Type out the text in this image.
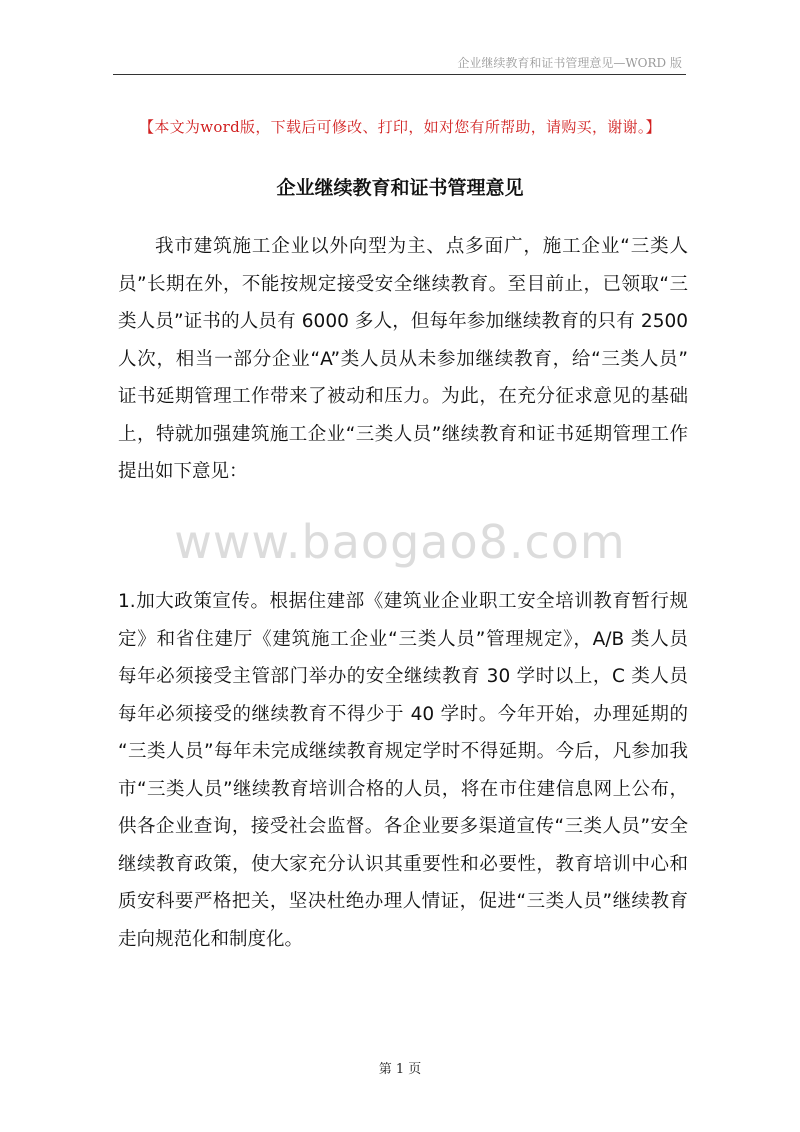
企业继续教育和证书管理意见—WORD 版
【本文为word版，下载后可修改、打印，如对您有所帮助，请购买，谢谢。】
企业继续教育和证书管理意见
我市建筑施工企业以外向型为主、点多面广，施工企业“三类人
员”长期在外，不能按规定接受安全继续教育。至目前止，已领取“三
类人员”证书的人员有 6000 多人，但每年参加继续教育的只有 2500
人次，相当一部分企业“A”类人员从未参加继续教育，给“三类人员”
证书延期管理工作带来了被动和压力。为此，在充分征求意见的基础
上，特就加强建筑施工企业“三类人员”继续教育和证书延期管理工作
提出如下意见：
www.baogao8.com
1.加大政策宣传。根据住建部《建筑业企业职工安全培训教育暂行规
定》和省住建厅《建筑施工企业“三类人员”管理规定》，A/B 类人员
每年必须接受主管部门举办的安全继续教育 30 学时以上，C 类人员
每年必须接受的继续教育不得少于 40 学时。今年开始，办理延期的
“三类人员”每年未完成继续教育规定学时不得延期。今后，凡参加我
市“三类人员”继续教育培训合格的人员，将在市住建信息网上公布，
供各企业查询，接受社会监督。各企业要多渠道宣传“三类人员”安全
继续教育政策，使大家充分认识其重要性和必要性，教育培训中心和
质安科要严格把关，坚决杜绝办理人情证，促进“三类人员”继续教育
走向规范化和制度化。
第 1 页
